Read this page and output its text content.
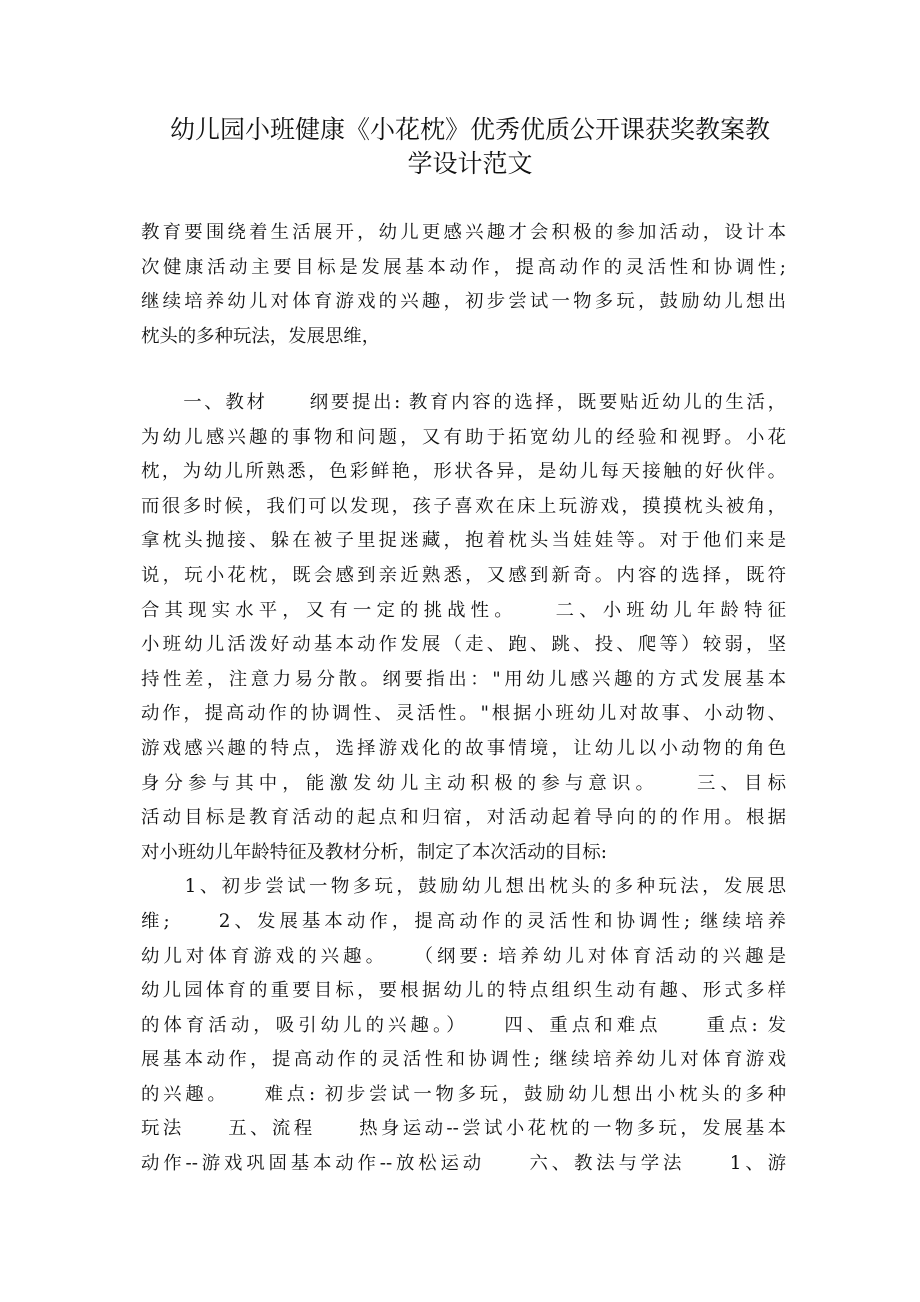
幼儿园小班健康《小花枕》优秀优质公开课获奖教案教
学设计范文
教育要围绕着生活展开，幼儿更感兴趣才会积极的参加活动，设计本
次健康活动主要目标是发展基本动作，提高动作的灵活性和协调性;
继续培养幼儿对体育游戏的兴趣，初步尝试一物多玩，鼓励幼儿想出
枕头的多种玩法，发展思维，
　　一、教材　　纲要提出: 教育内容的选择，既要贴近幼儿的生活，
为幼儿感兴趣的事物和问题，又有助于拓宽幼儿的经验和视野。小花
枕，为幼儿所熟悉，色彩鲜艳，形状各异，是幼儿每天接触的好伙伴。
而很多时候，我们可以发现，孩子喜欢在床上玩游戏，摸摸枕头被角，
拿枕头抛接、躲在被子里捉迷藏，抱着枕头当娃娃等。对于他们来是
说，玩小花枕，既会感到亲近熟悉，又感到新奇。内容的选择，既符
合其现实水平，又有一定的挑战性。　　二、小班幼儿年龄特征
小班幼儿活泼好动基本动作发展（走、跑、跳、投、爬等）较弱，坚
持性差，注意力易分散。纲要指出："用幼儿感兴趣的方式发展基本
动作，提高动作的协调性、灵活性。"根据小班幼儿对故事、小动物、
游戏感兴趣的特点，选择游戏化的故事情境，让幼儿以小动物的角色
身分参与其中，能激发幼儿主动积极的参与意识。　　三、目标
活动目标是教育活动的起点和归宿，对活动起着导向的的作用。根据
对小班幼儿年龄特征及教材分析，制定了本次活动的目标:
　　1、初步尝试一物多玩，鼓励幼儿想出枕头的多种玩法，发展思
维;　　2、发展基本动作，提高动作的灵活性和协调性; 继续培养
幼儿对体育游戏的兴趣。　　（纲要: 培养幼儿对体育活动的兴趣是
幼儿园体育的重要目标，要根据幼儿的特点组织生动有趣、形式多样
的体育活动，吸引幼儿的兴趣。）　　四、重点和难点　　重点: 发
展基本动作，提高动作的灵活性和协调性; 继续培养幼儿对体育游戏
的兴趣。　　难点: 初步尝试一物多玩，鼓励幼儿想出小枕头的多种
玩法　　五、流程　　热身运动--尝试小花枕的一物多玩，发展基本
动作--游戏巩固基本动作--放松运动　　六、教法与学法　　1、游
